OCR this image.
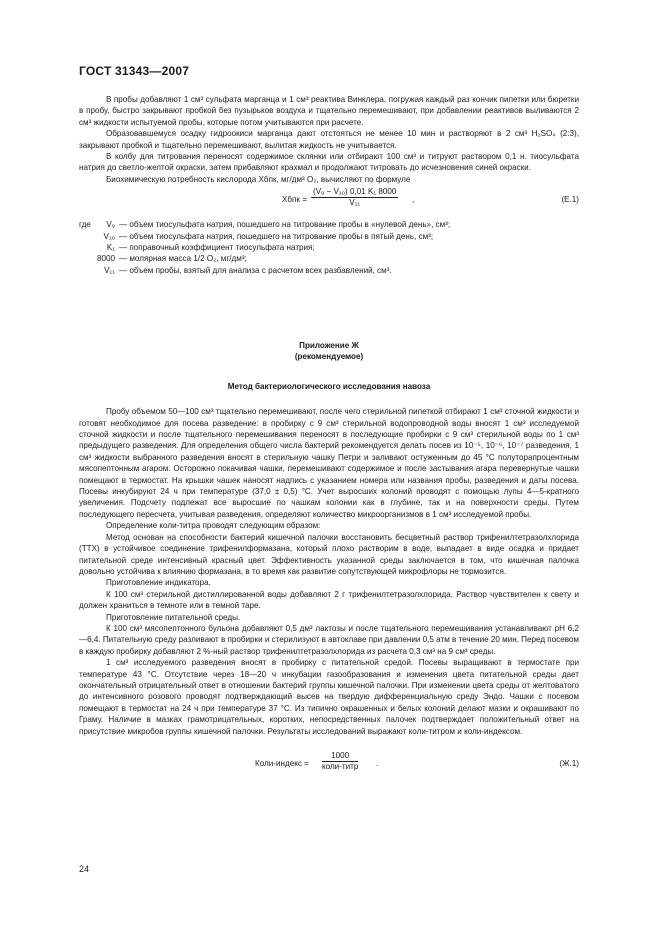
ГОСТ 31343—2007
В пробы добавляют 1 см³ сульфата марганца и 1 см³ реактива Винклера, погружая каждый раз кончик пипетки или бюретки в пробу, быстро закрывают пробкой без пузырьков воздуха и тщательно перемешивают, при добавлении реактивов выливаются 2 см³ жидкости испытуемой пробы, которые потом учитываются при расчете.
Образовавшемуся осадку гидроокиси марганца дают отстояться не менее 10 мин и растворяют в 2 см³ H₂SO₄ (2:3), закрывают пробкой и тщательно перемешивают, вылитая жидкость не учитывается.
В колбу для титрования переносят содержимое склянки или отбирают 100 см³ и титруют раствором 0,1 н. тиосульфата натрия до светло-желтой окраски, затем прибавляют крахмал и продолжают титровать до исчезновения синей окраски.
Биохимическую потребность кислорода Xбпк, мг/дм³ O₂, вычисляют по формуле
Xбпк = $\frac{\text{(V₉ − V₁₀) 0,01 K₁ 8000}}{\text{V₁₁}}$ ,	(Е.1)
где	V₉ — объем тиосульфата натрия, пошедшего на титрование пробы в «нулевой день», см³;
V₁₀ — объем тиосульфата натрия, пошедшего на титрование пробы в пятый день, см³;
K₁ — поправочный коэффициент тиосульфата натрия;
8000 — молярная масса 1/2 O₂, мг/дм³;
V₁₁ — объем пробы, взятый для анализа с расчетом всех разбавлений, см³.
Приложение Ж
(рекомендуемое)
Метод бактериологического исследования навоза
Пробу объемом 50—100 см³ тщательно перемешивают, после чего стерильной пипеткой отбирают 1 см³ сточной жидкости и готовят необходимое для посева разведение: в пробирку с 9 см³ стерильной водопроводной воды вносят 1 см³ исследуемой сточной жидкости и после тщательного перемешивания переносят в последующие пробирки с 9 см³ стерильной воды по 1 см³ предыдущего разведения. Для определения общего числа бактерий рекомендуется делать посев из 10⁻⁵, 10⁻⁶, 10⁻⁷ разведения, 1 см³ жидкости выбранного разведения вносят в стерильную чашку Петри и заливают остуженным до 45 °С полуторапроцентным мясопептонным агаром. Осторожно покачивая чашки, перемешивают содержимое и после застывания агара перевернутые чашки помещают в термостат. На крышки чашек наносят надпись с указанием номера или названия пробы, разведения и даты посева. Посевы инкубируют 24 ч при температуре (37,0 ± 0,5) °С. Учет выросших колоний проводят с помощью лупы 4—5-кратного увеличения. Подсчету подлежат все выросшие по чашкам колонии как в глубине, так и на поверхности среды. Путем последующего пересчета, учитывая разведения, определяют количество микроорганизмов в 1 см³ исследуемой пробы.
Определение коли-титра проводят следующим образом:
Метод основан на способности бактерий кишечной палочки восстановить бесцветный раствор трифенилтетразолхлорида (ТТХ) в устойчивое соединение трифенилформазана, который плохо растворим в воде, выпадает в виде осадка и придает питательной среде интенсивный красный цвет. Эффективность указанной среды заключается в том, что кишечная палочка довольно устойчива к влиянию формазана, в то время как развитие сопутствующей микрофлоры не тормозится.
Приготовление индикатора.
К 100 см³ стерильной дистиллированной воды добавляют 2 г трифенилтетразолхлорида. Раствор чувствителен к свету и должен храниться в темноте или в темной таре.
Приготовление питательной среды.
К 100 см³ мясопептонного бульона добавляют 0,5 дм³ лактозы и после тщательного перемешивания устанавливают рН 6,2—6,4. Питательную среду разливают в пробирки и стерилизуют в автоклаве при давлении 0,5 атм в течение 20 мин. Перед посевом в каждую пробирку добавляют 2 %-ный раствор трифенилтетразолхлорида из расчета 0,3 см³ на 9 см³ среды.
1 см³ исследуемого разведения вносят в пробирку с питательной средой. Посевы выращивают в термостате при температуре 43 °С. Отсутствие через 18—20 ч инкубации газообразования и изменения цвета питательной среды дает окончательный отрицательный ответ в отношении бактерий группы кишечной палочки. При изменении цвета среды от желтоватого до интенсивного розового проводят подтверждающий высев на твердую дифференциальную среду Эндо. Чашки с посевом помещают в термостат на 24 ч при температуре 37 °С. Из типично окрашенных и белых колоний делают мазки и окрашивают по Граму. Наличие в мазках грамотрицательных, коротких, непосредственных палочек подтверждает положительный ответ на присутствие микробов группы кишечной палочки. Результаты исследований выражают коли-титром и коли-индексом.
Коли-индекс =
1000
коли-титр .	(Ж.1)
24
